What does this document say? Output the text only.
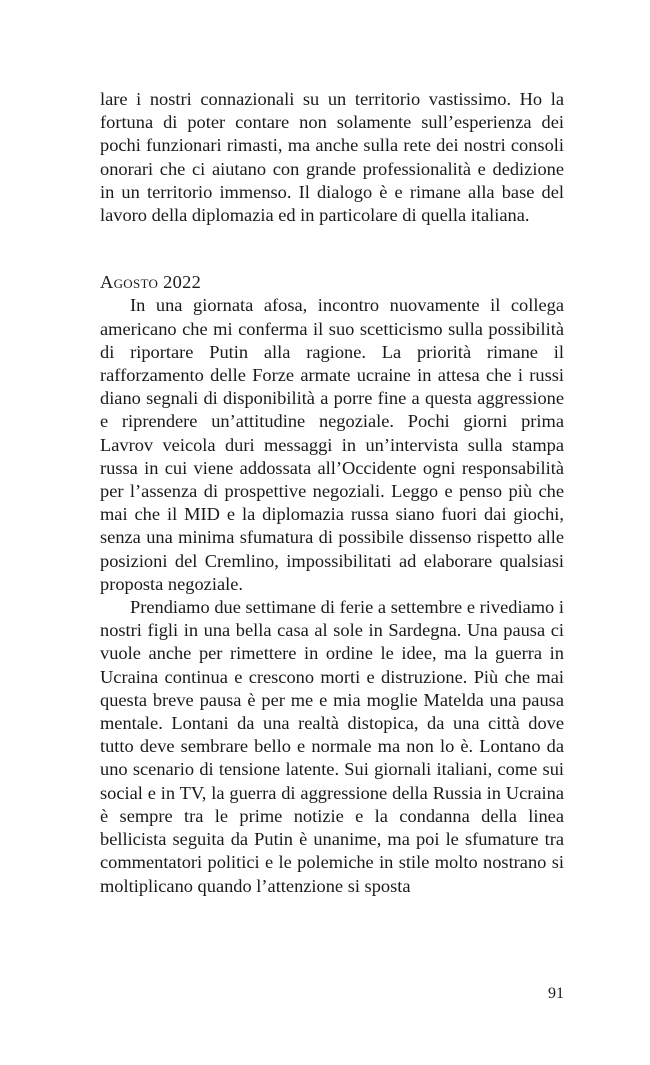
lare i nostri connazionali su un territorio vastissimo. Ho la fortuna di poter contare non solamente sull’esperienza dei pochi funzionari rimasti, ma anche sulla rete dei nostri consoli onorari che ci aiutano con grande professionalità e dedizione in un territorio immenso. Il dialogo è e rimane alla base del lavoro della diplomazia ed in particolare di quella italiana.

Agosto 2022

In una giornata afosa, incontro nuovamente il collega americano che mi conferma il suo scetticismo sulla possibilità di riportare Putin alla ragione. La priorità rimane il rafforzamento delle Forze armate ucraine in attesa che i russi diano segnali di disponibilità a porre fine a questa aggressione e riprendere un’attitudine negoziale. Pochi giorni prima Lavrov veicola duri messaggi in un’intervista sulla stampa russa in cui viene addossata all’Occidente ogni responsabilità per l’assenza di prospettive negoziali. Leggo e penso più che mai che il MID e la diplomazia russa siano fuori dai giochi, senza una minima sfumatura di possibile dissenso rispetto alle posizioni del Cremlino, impossibilitati ad elaborare qualsiasi proposta negoziale.

Prendiamo due settimane di ferie a settembre e rivediamo i nostri figli in una bella casa al sole in Sardegna. Una pausa ci vuole anche per rimettere in ordine le idee, ma la guerra in Ucraina continua e crescono morti e distruzione. Più che mai questa breve pausa è per me e mia moglie Matelda una pausa mentale. Lontani da una realtà distopica, da una città dove tutto deve sembrare bello e normale ma non lo è. Lontano da uno scenario di tensione latente. Sui giornali italiani, come sui social e in TV, la guerra di aggressione della Russia in Ucraina è sempre tra le prime notizie e la condanna della linea bellicista seguita da Putin è unanime, ma poi le sfumature tra commentatori politici e le polemiche in stile molto nostrano si moltiplicano quando l’attenzione si sposta

91
